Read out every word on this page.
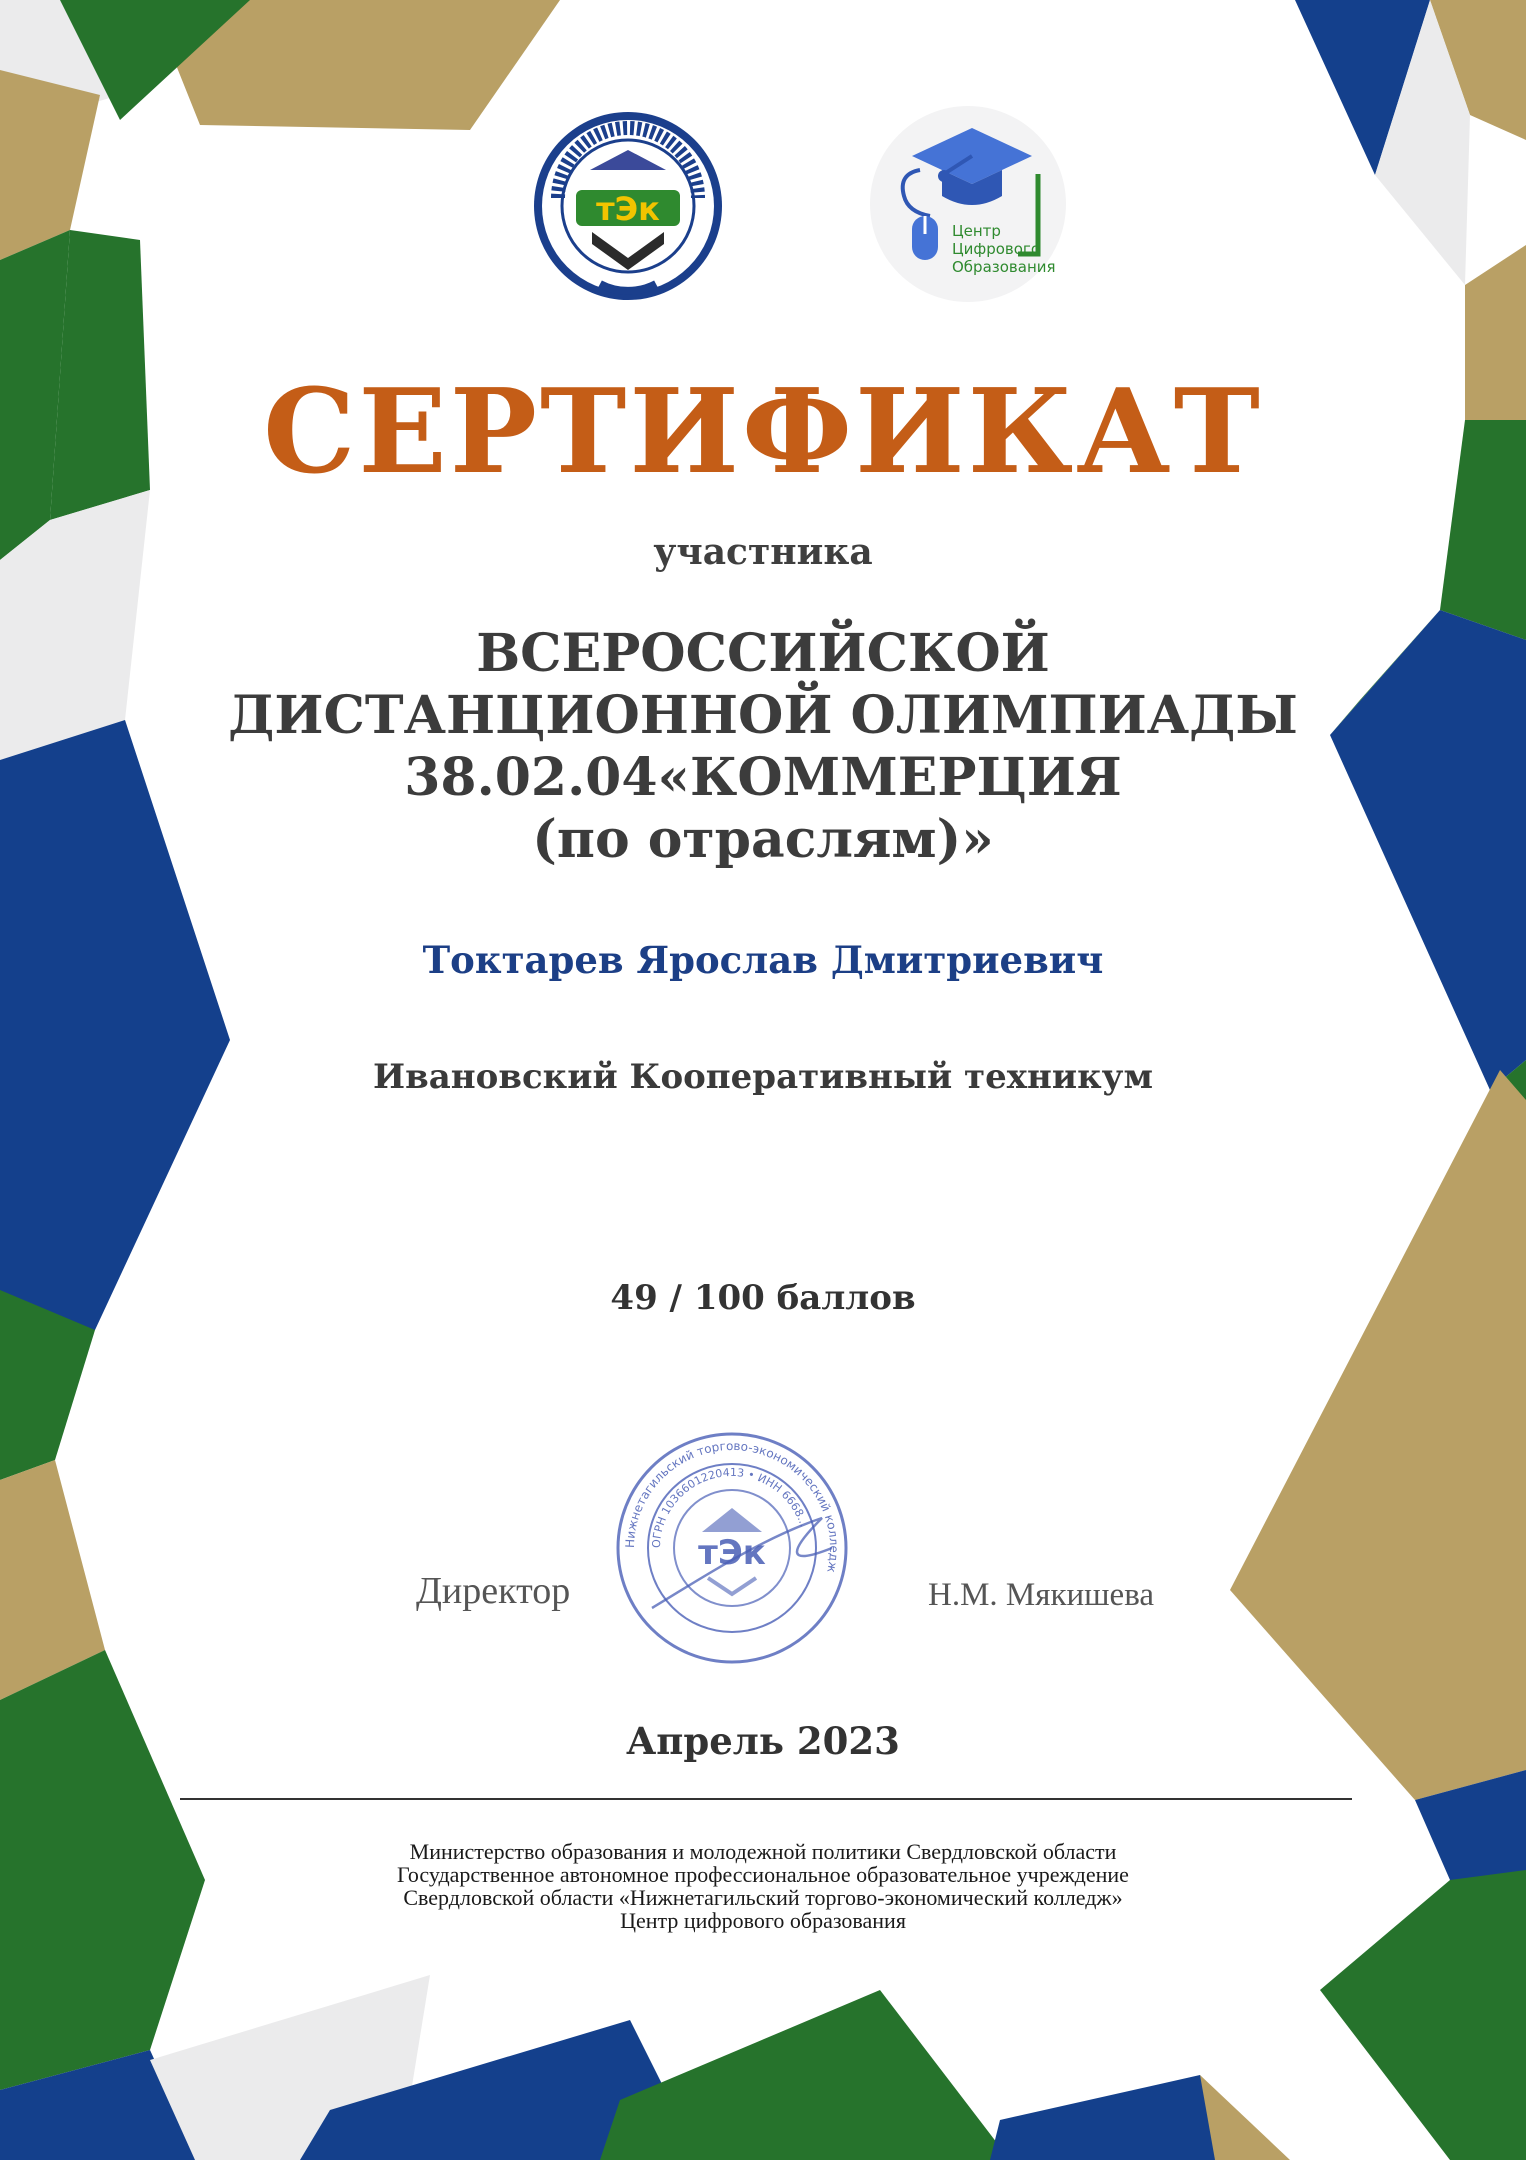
тЭк
Центр
Цифрового
Образования
СЕРТИФИКАТ
участника
ВСЕРОССИЙСКОЙ
ДИСТАНЦИОННОЙ ОЛИМПИАДЫ
38.02.04«КОММЕРЦИЯ
(по отраслям)»
Токтарев Ярослав Дмитриевич
Ивановский Кооперативный техникум
49 / 100 баллов
Директор
Нижнетагильский торгово-экономический колледж
ОГРН 1036601220413 • ИНН 6668...
тЭк
Н.М. Мякишева
Апрель 2023
Министерство образования и молодежной политики Свердловской области
Государственное автономное профессиональное образовательное учреждение
Свердловской области «Нижнетагильский торгово-экономический колледж»
Центр цифрового образования
